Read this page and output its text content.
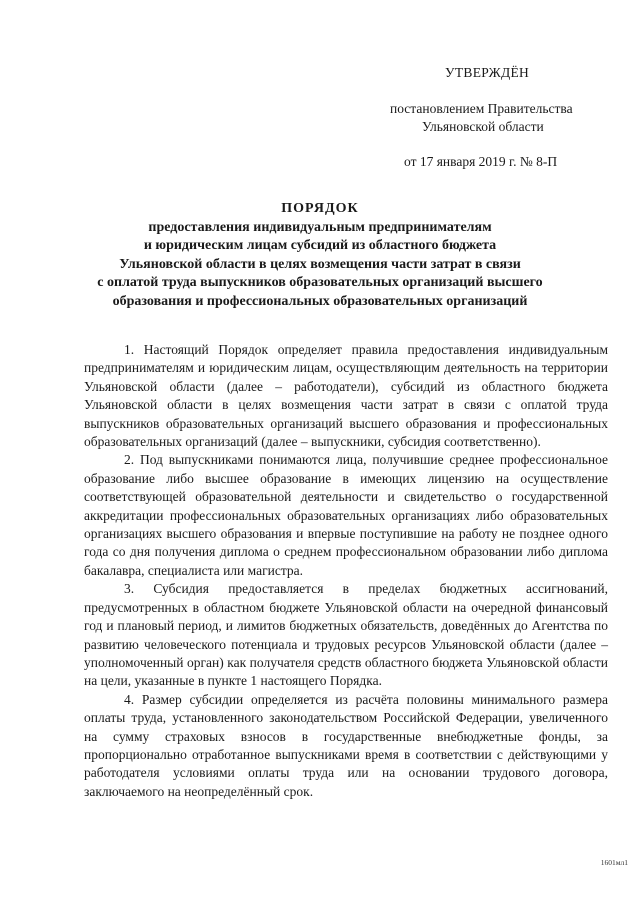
УТВЕРЖДЁН
постановлением Правительства
Ульяновской области
от 17 января 2019 г. № 8-П
ПОРЯДОК
предоставления индивидуальным предпринимателям
и юридическим лицам субсидий из областного бюджета
Ульяновской области в целях возмещения части затрат в связи
с оплатой труда выпускников образовательных организаций высшего
образования и профессиональных образовательных организаций

1. Настоящий Порядок определяет правила предоставления индивидуальным предпринимателям и юридическим лицам, осуществляющим деятельность на территории Ульяновской области (далее – работодатели), субсидий из областного бюджета Ульяновской области в целях возмещения части затрат в связи с оплатой труда выпускников образовательных организаций высшего образования и профессиональных образовательных организаций (далее – выпускники, субсидия соответственно).

2. Под выпускниками понимаются лица, получившие среднее профессиональное образование либо высшее образование в имеющих лицензию на осуществление соответствующей образовательной деятельности и свидетельство о государственной аккредитации профессиональных образовательных организациях либо образовательных организациях высшего образования и впервые поступившие на работу не позднее одного года со дня получения диплома о среднем профессиональном образовании либо диплома бакалавра, специалиста или магистра.

3. Субсидия предоставляется в пределах бюджетных ассигнований, предусмотренных в областном бюджете Ульяновской области на очередной финансовый год и плановый период, и лимитов бюджетных обязательств, доведённых до Агентства по развитию человеческого потенциала и трудовых ресурсов Ульяновской области (далее – уполномоченный орган) как получателя средств областного бюджета Ульяновской области на цели, указанные в пункте 1 настоящего Порядка.

4. Размер субсидии определяется из расчёта половины минимального размера оплаты труда, установленного законодательством Российской Федерации, увеличенного на сумму страховых взносов в государственные внебюджетные фонды, за пропорционально отработанное выпускниками время в соответствии с действующими у работодателя условиями оплаты труда или на основании трудового договора, заключаемого на неопределённый срок.

1601мл1
